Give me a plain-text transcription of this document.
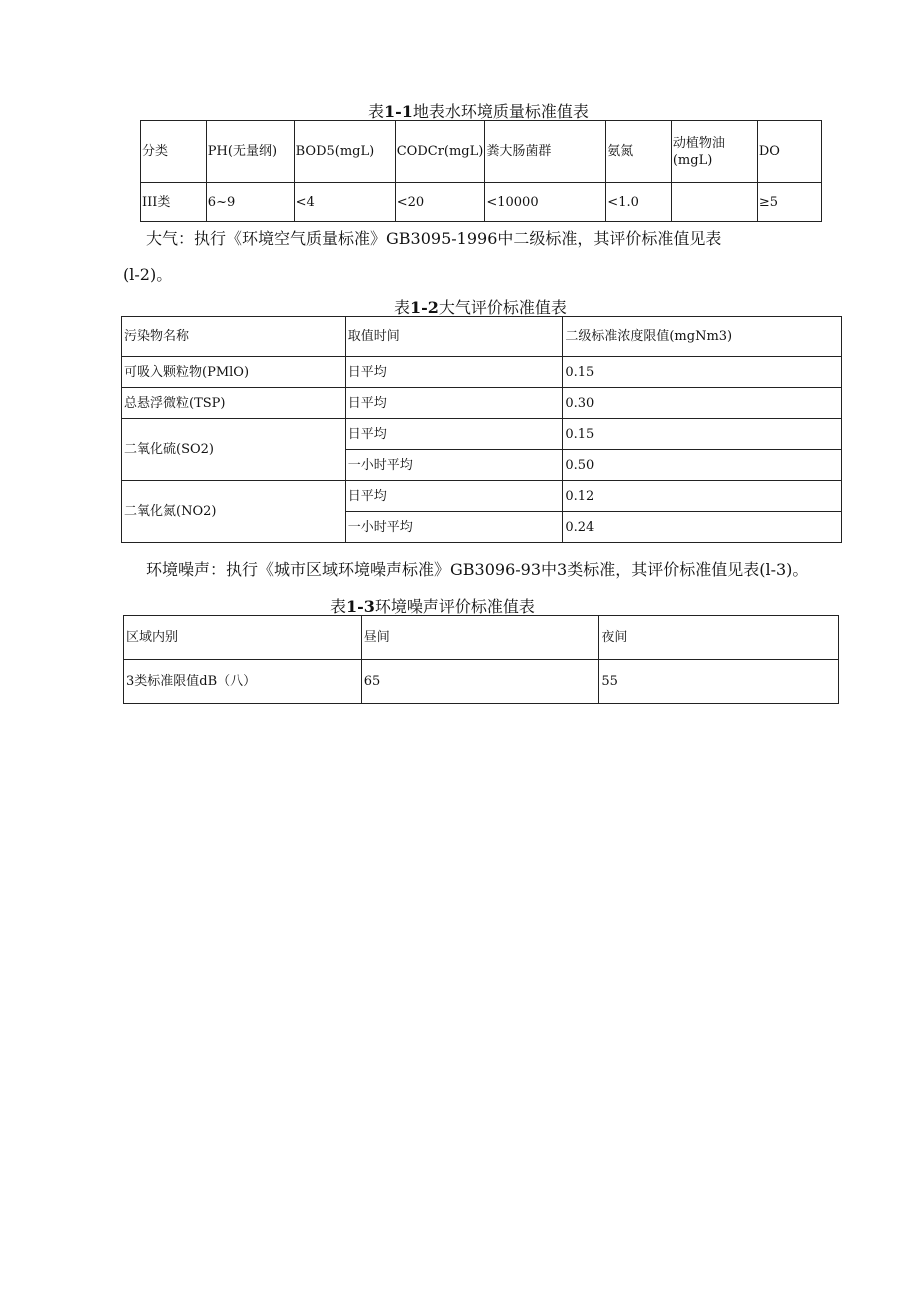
表1-1地表水环境质量标准值表
分类	PH(无量纲)	BOD5(mgL)	CODCr(mgL)	粪大肠菌群	氨氮	动植物油(mgL)	DO
III类	6~9	<4	<20	<10000	<1.0		≥5
大气：执行《环境空气质量标准》GB3095-1996中二级标准，其评价标准值见表
(l-2)。
表1-2大气评价标准值表
污染物名称	取值时间	二级标准浓度限值(mgNm3)
可吸入颗粒物(PMlO)	日平均	0.15
总悬浮微粒(TSP)	日平均	0.30
二氧化硫(SO2)	日平均	0.15
	一小时平均	0.50
二氧化氮(NO2)	日平均	0.12
	一小时平均	0.24
环境噪声：执行《城市区域环境噪声标准》GB3096-93中3类标准，其评价标准值见表(l-3)。
表1-3环境噪声评价标准值表
区域内别	昼间	夜间
3类标准限值dB（八）	65	55
